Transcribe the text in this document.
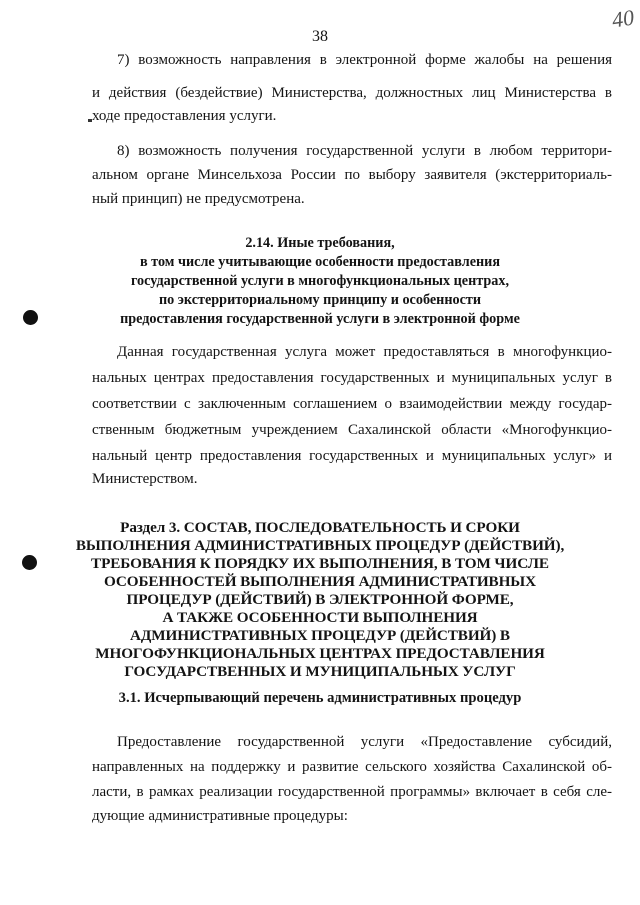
38
40
7) возможность направления в электронной форме жалобы на решения
и действия (бездействие) Министерства, должностных лиц Министерства в
ходе предоставления услуги.
8) возможность получения государственной услуги в любом территори-
альном органе Минсельхоза России по выбору заявителя (экстерриториаль-
ный принцип) не предусмотрена.
2.14. Иные требования,
в том числе учитывающие особенности предоставления
государственной услуги в многофункциональных центрах,
по экстерриториальному принципу и особенности
предоставления государственной услуги в электронной форме
Данная государственная услуга может предоставляться в многофункцио-
нальных центрах предоставления государственных и муниципальных услуг в
соответствии с заключенным соглашением о взаимодействии между государ-
ственным бюджетным учреждением Сахалинской области «Многофункцио-
нальный центр предоставления государственных и муниципальных услуг» и
Министерством.
Раздел 3. СОСТАВ, ПОСЛЕДОВАТЕЛЬНОСТЬ И СРОКИ
ВЫПОЛНЕНИЯ АДМИНИСТРАТИВНЫХ ПРОЦЕДУР (ДЕЙСТВИЙ),
ТРЕБОВАНИЯ К ПОРЯДКУ ИХ ВЫПОЛНЕНИЯ, В ТОМ ЧИСЛЕ
ОСОБЕННОСТЕЙ ВЫПОЛНЕНИЯ АДМИНИСТРАТИВНЫХ
ПРОЦЕДУР (ДЕЙСТВИЙ) В ЭЛЕКТРОННОЙ ФОРМЕ,
А ТАКЖЕ ОСОБЕННОСТИ ВЫПОЛНЕНИЯ
АДМИНИСТРАТИВНЫХ ПРОЦЕДУР (ДЕЙСТВИЙ) В
МНОГОФУНКЦИОНАЛЬНЫХ ЦЕНТРАХ ПРЕДОСТАВЛЕНИЯ
ГОСУДАРСТВЕННЫХ И МУНИЦИПАЛЬНЫХ УСЛУГ
3.1. Исчерпывающий перечень административных процедур
Предоставление государственной услуги «Предоставление субсидий,
направленных на поддержку и развитие сельского хозяйства Сахалинской об-
ласти, в рамках реализации государственной программы» включает в себя сле-
дующие административные процедуры:
